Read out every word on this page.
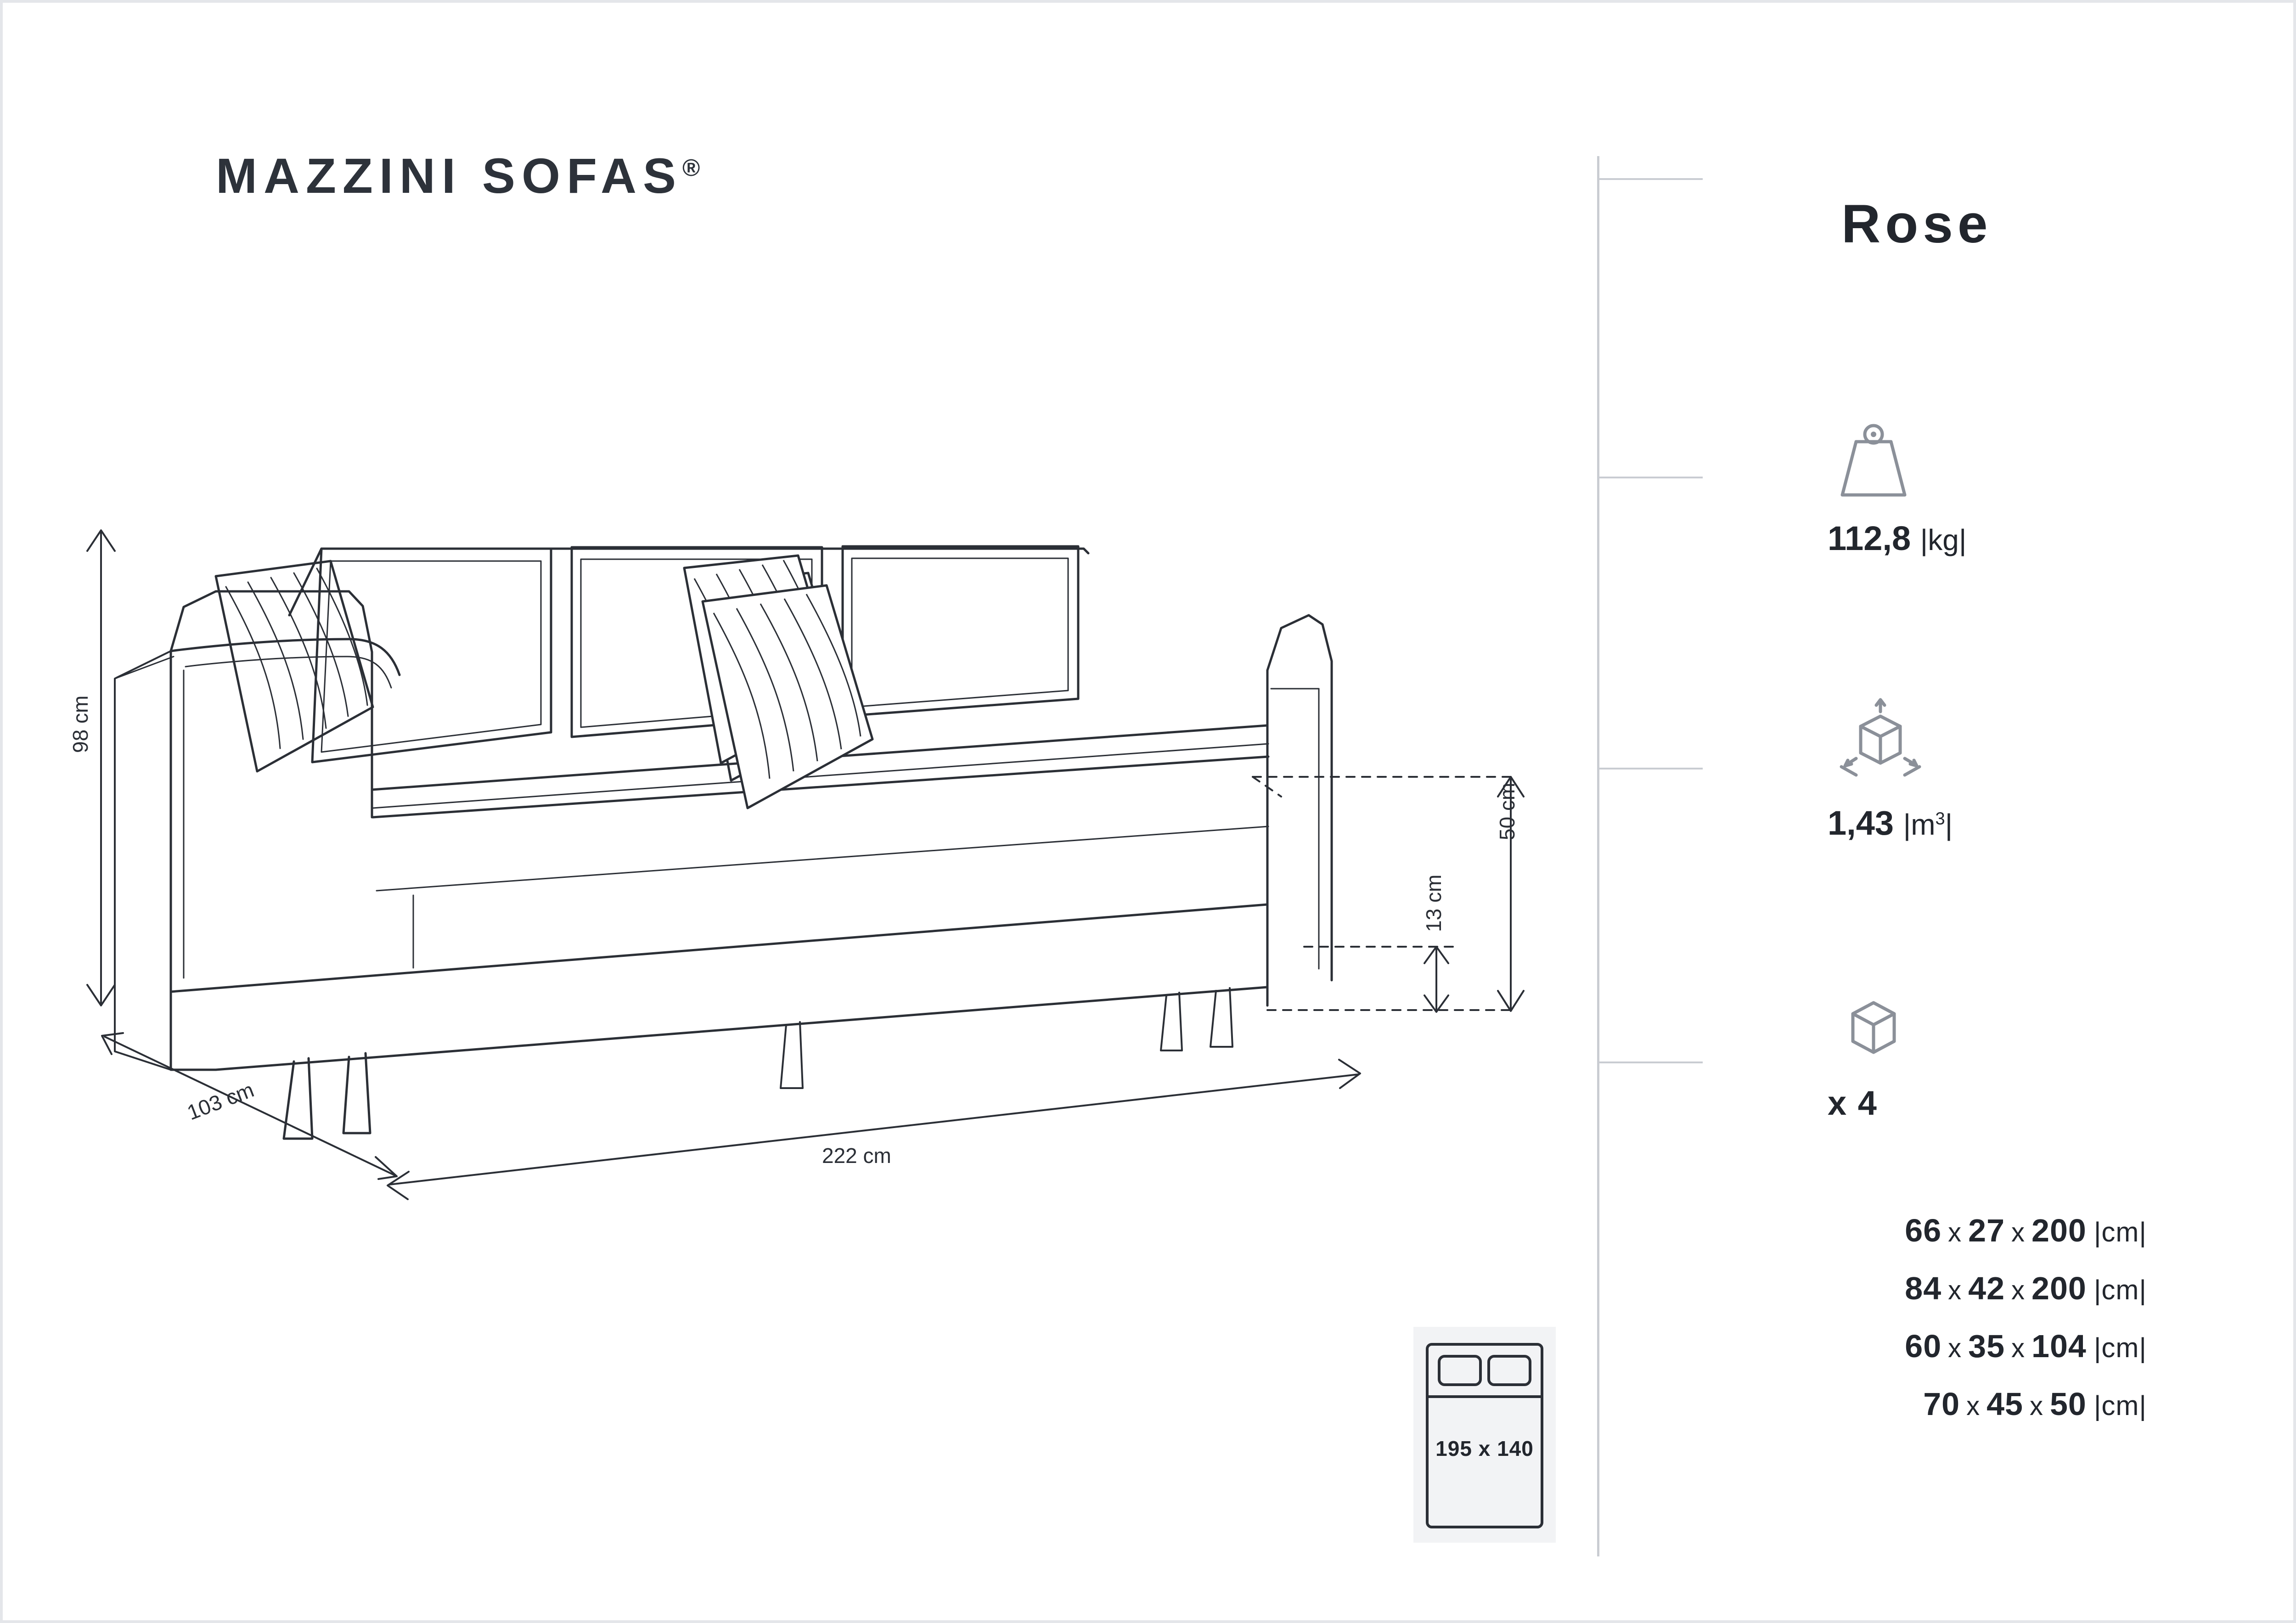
MAZZINI SOFAS®
98 cm
103 cm
222 cm
50 cm
13 cm
195 x 140
Rose
112,8 |kg|
1,43 $|m^3|$
x 4
66 x 27 x 200 |cm|
84 x 42 x 200 |cm|
60 x 35 x 104 |cm|
70 x 45 x 50 |cm|
